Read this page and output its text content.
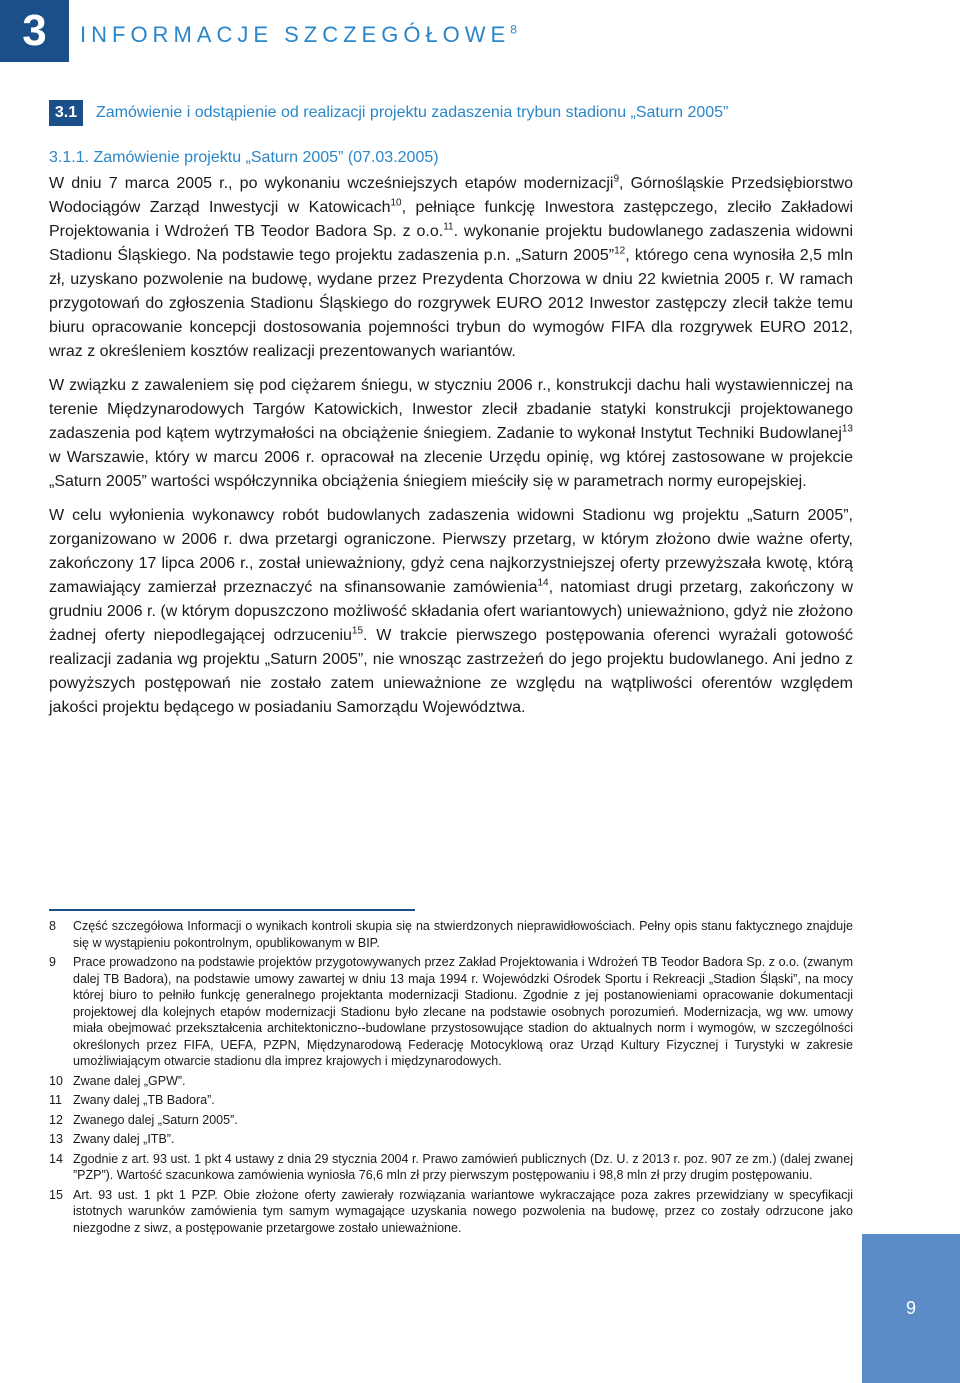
3	INFORMACJE SZCZEGÓŁOWE$^8$
3.1	Zamówienie i odstąpienie od realizacji projektu zadaszenia trybun stadionu „Saturn 2005”
3.1.1. Zamówienie projektu „Saturn 2005” (07.03.2005)

W dniu 7 marca 2005 r., po wykonaniu wcześniejszych etapów modernizacji$^9$, Górnośląskie Przedsiębiorstwo Wodociągów Zarząd Inwestycji w Katowicach$^{10}$, pełniące funkcję Inwestora zastępczego, zleciło Zakładowi Projektowania i Wdrożeń TB Teodor Badora Sp. z o.o.$^{11}$. wykonanie projektu budowlanego zadaszenia widowni Stadionu Śląskiego. Na podstawie tego projektu zadaszenia p.n. „Saturn 2005”$^{12}$, którego cena wynosiła 2,5 mln zł, uzyskano pozwolenie na budowę, wydane przez Prezydenta Chorzowa w dniu 22 kwietnia 2005 r. W ramach przygotowań do zgłoszenia Stadionu Śląskiego do rozgrywek EURO 2012 Inwestor zastępczy zlecił także temu biuru opracowanie koncepcji dostosowania pojemności trybun do wymogów FIFA dla rozgrywek EURO 2012, wraz z określeniem kosztów realizacji prezentowanych wariantów.

W związku z zawaleniem się pod ciężarem śniegu, w styczniu 2006 r., konstrukcji dachu hali wystawienniczej na terenie Międzynarodowych Targów Katowickich, Inwestor zlecił zbadanie statyki konstrukcji projektowanego zadaszenia pod kątem wytrzymałości na obciążenie śniegiem. Zadanie to wykonał Instytut Techniki Budowlanej$^{13}$ w Warszawie, który w marcu 2006 r. opracował na zlecenie Urzędu opinię, wg której zastosowane w projekcie „Saturn 2005” wartości współczynnika obciążenia śniegiem mieściły się w parametrach normy europejskiej.

W celu wyłonienia wykonawcy robót budowlanych zadaszenia widowni Stadionu wg projektu „Saturn 2005”, zorganizowano w 2006 r. dwa przetargi ograniczone. Pierwszy przetarg, w którym złożono dwie ważne oferty, zakończony 17 lipca 2006 r., został unieważniony, gdyż cena najkorzystniejszej oferty przewyższała kwotę, którą zamawiający zamierzał przeznaczyć na sfinansowanie zamówienia$^{14}$, natomiast drugi przetarg, zakończony w grudniu 2006 r. (w którym dopuszczono możliwość składania ofert wariantowych) unieważniono, gdyż nie złożono żadnej oferty niepodlegającej odrzuceniu$^{15}$. W trakcie pierwszego postępowania oferenci wyrażali gotowość realizacji zadania wg projektu „Saturn 2005”, nie wnosząc zastrzeżeń do jego projektu budowlanego. Ani jedno z powyższych postępowań nie zostało zatem unieważnione ze względu na wątpliwości oferentów względem jakości projektu będącego w posiadaniu Samorządu Województwa.

8 Część szczegółowa Informacji o wynikach kontroli skupia się na stwierdzonych nieprawidłowościach. Pełny opis stanu faktycznego znajduje się w wystąpieniu pokontrolnym, opublikowanym w BIP.
9 Prace prowadzono na podstawie projektów przygotowywanych przez Zakład Projektowania i Wdrożeń TB Teodor Badora Sp. z o.o. (zwanym dalej TB Badora), na podstawie umowy zawartej w dniu 13 maja 1994 r. Wojewódzki Ośrodek Sportu i Rekreacji „Stadion Śląski”, na mocy której biuro to pełniło funkcję generalnego projektanta modernizacji Stadionu. Zgodnie z jej postanowieniami opracowanie dokumentacji projektowej dla kolejnych etapów modernizacji Stadionu było zlecane na podstawie osobnych porozumień. Modernizacja, wg ww. umowy miała obejmować przekształcenia architektoniczno--budowlane przystosowujące stadion do aktualnych norm i wymogów, w szczególności określonych przez FIFA, UEFA, PZPN, Międzynarodową Federację Motocyklową oraz Urząd Kultury Fizycznej i Turystyki w zakresie umożliwiającym otwarcie stadionu dla imprez krajowych i międzynarodowych.
10 Zwane dalej „GPW”.
11 Zwany dalej „TB Badora”.
12 Zwanego dalej „Saturn 2005”.
13 Zwany dalej „ITB”.
14 Zgodnie z art. 93 ust. 1 pkt 4 ustawy z dnia 29 stycznia 2004 r. Prawo zamówień publicznych (Dz. U. z 2013 r. poz. 907 ze zm.) (dalej zwanej ”PZP”). Wartość szacunkowa zamówienia wyniosła 76,6 mln zł przy pierwszym postępowaniu i 98,8 mln zł przy drugim postępowaniu.
15 Art. 93 ust. 1 pkt 1 PZP. Obie złożone oferty zawierały rozwiązania wariantowe wykraczające poza zakres przewidziany w specyfikacji istotnych warunków zamówienia tym samym wymagające uzyskania nowego pozwolenia na budowę, przez co zostały odrzucone jako niezgodne z siwz, a postępowanie przetargowe zostało unieważnione.
9
